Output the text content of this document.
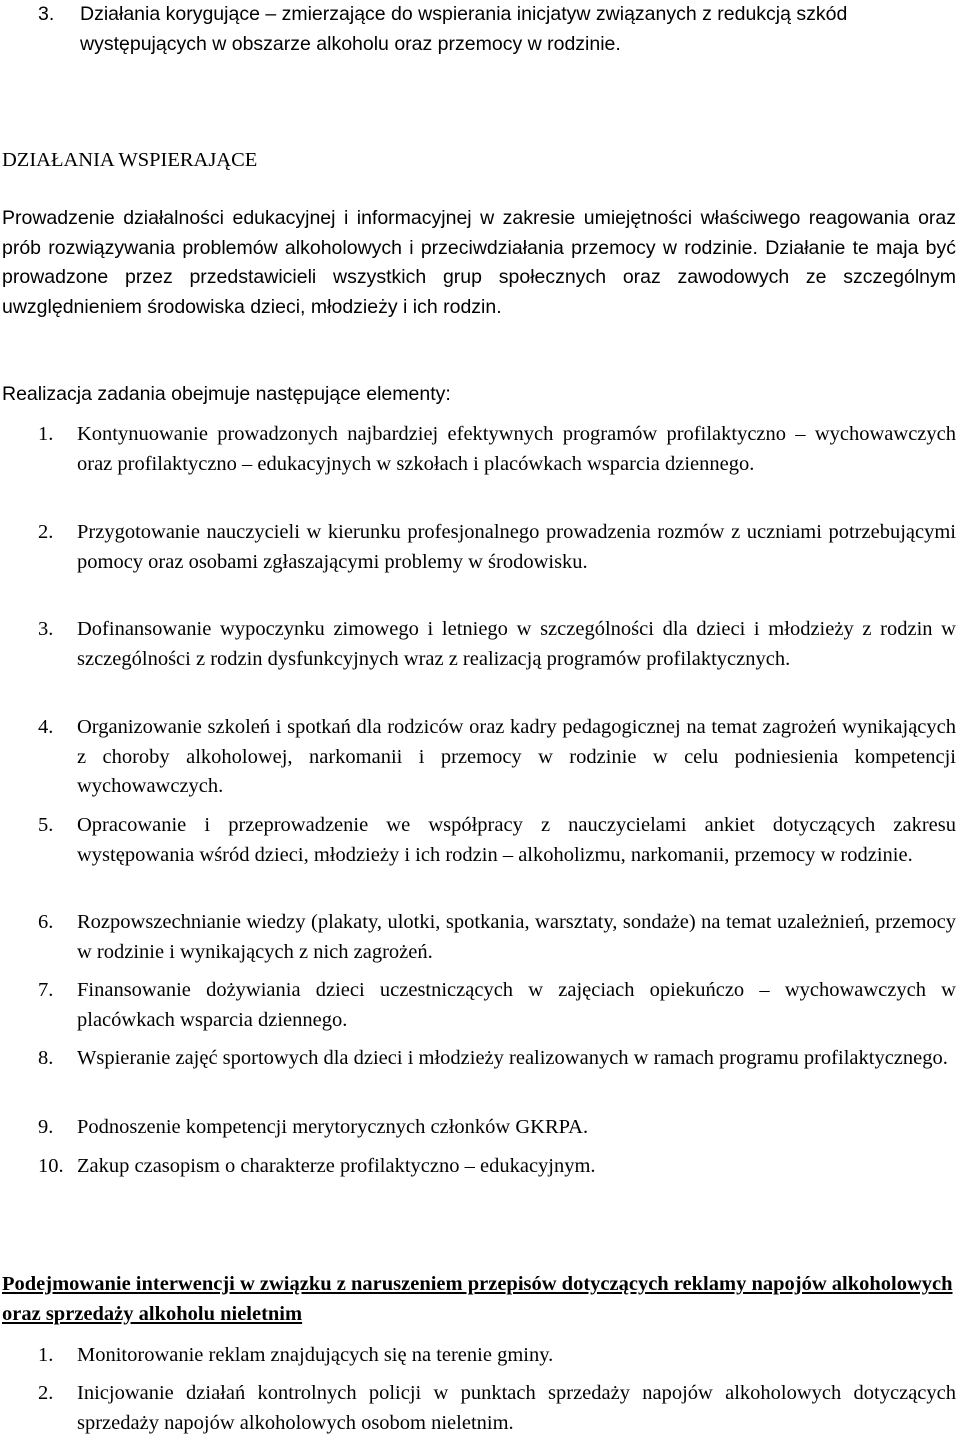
3. Działania korygujące – zmierzające do wspierania inicjatyw związanych z redukcją szkód występujących w obszarze alkoholu oraz przemocy w rodzinie.
DZIAŁANIA WSPIERAJĄCE
Prowadzenie działalności edukacyjnej i informacyjnej w zakresie umiejętności właściwego reagowania oraz prób rozwiązywania problemów alkoholowych i przeciwdziałania przemocy w rodzinie. Działanie te maja być prowadzone przez przedstawicieli wszystkich grup społecznych oraz zawodowych ze szczególnym uwzględnieniem środowiska dzieci, młodzieży i ich rodzin.
Realizacja zadania obejmuje następujące elementy:
1. Kontynuowanie prowadzonych najbardziej efektywnych programów profilaktyczno – wychowawczych oraz profilaktyczno – edukacyjnych w szkołach i placówkach wsparcia dziennego.
2. Przygotowanie nauczycieli w kierunku profesjonalnego prowadzenia rozmów z uczniami potrzebującymi pomocy oraz osobami zgłaszającymi problemy w środowisku.
3. Dofinansowanie wypoczynku zimowego i letniego w szczególności dla dzieci i młodzieży z rodzin w szczególności z rodzin dysfunkcyjnych wraz z realizacją programów profilaktycznych.
4. Organizowanie szkoleń i spotkań dla rodziców oraz kadry pedagogicznej na temat zagrożeń wynikających z choroby alkoholowej, narkomanii i przemocy w rodzinie w celu podniesienia kompetencji wychowawczych.
5. Opracowanie i przeprowadzenie we współpracy z nauczycielami ankiet dotyczących zakresu występowania wśród dzieci, młodzieży i ich rodzin – alkoholizmu, narkomanii, przemocy w rodzinie.
6. Rozpowszechnianie wiedzy (plakaty, ulotki, spotkania, warsztaty, sondaże) na temat uzależnień, przemocy w rodzinie i wynikających z nich zagrożeń.
7. Finansowanie dożywiania dzieci uczestniczących w zajęciach opiekuńczo – wychowawczych w placówkach wsparcia dziennego.
8. Wspieranie zajęć sportowych dla dzieci i młodzieży realizowanych w ramach programu profilaktycznego.
9. Podnoszenie kompetencji merytorycznych członków GKRPA.
10. Zakup czasopism o charakterze profilaktyczno – edukacyjnym.
Podejmowanie interwencji w związku z naruszeniem przepisów dotyczących reklamy napojów alkoholowych oraz sprzedaży alkoholu nieletnim
1. Monitorowanie reklam znajdujących się na terenie gminy.
2. Inicjowanie działań kontrolnych policji w punktach sprzedaży napojów alkoholowych dotyczących sprzedaży napojów alkoholowych osobom nieletnim.
